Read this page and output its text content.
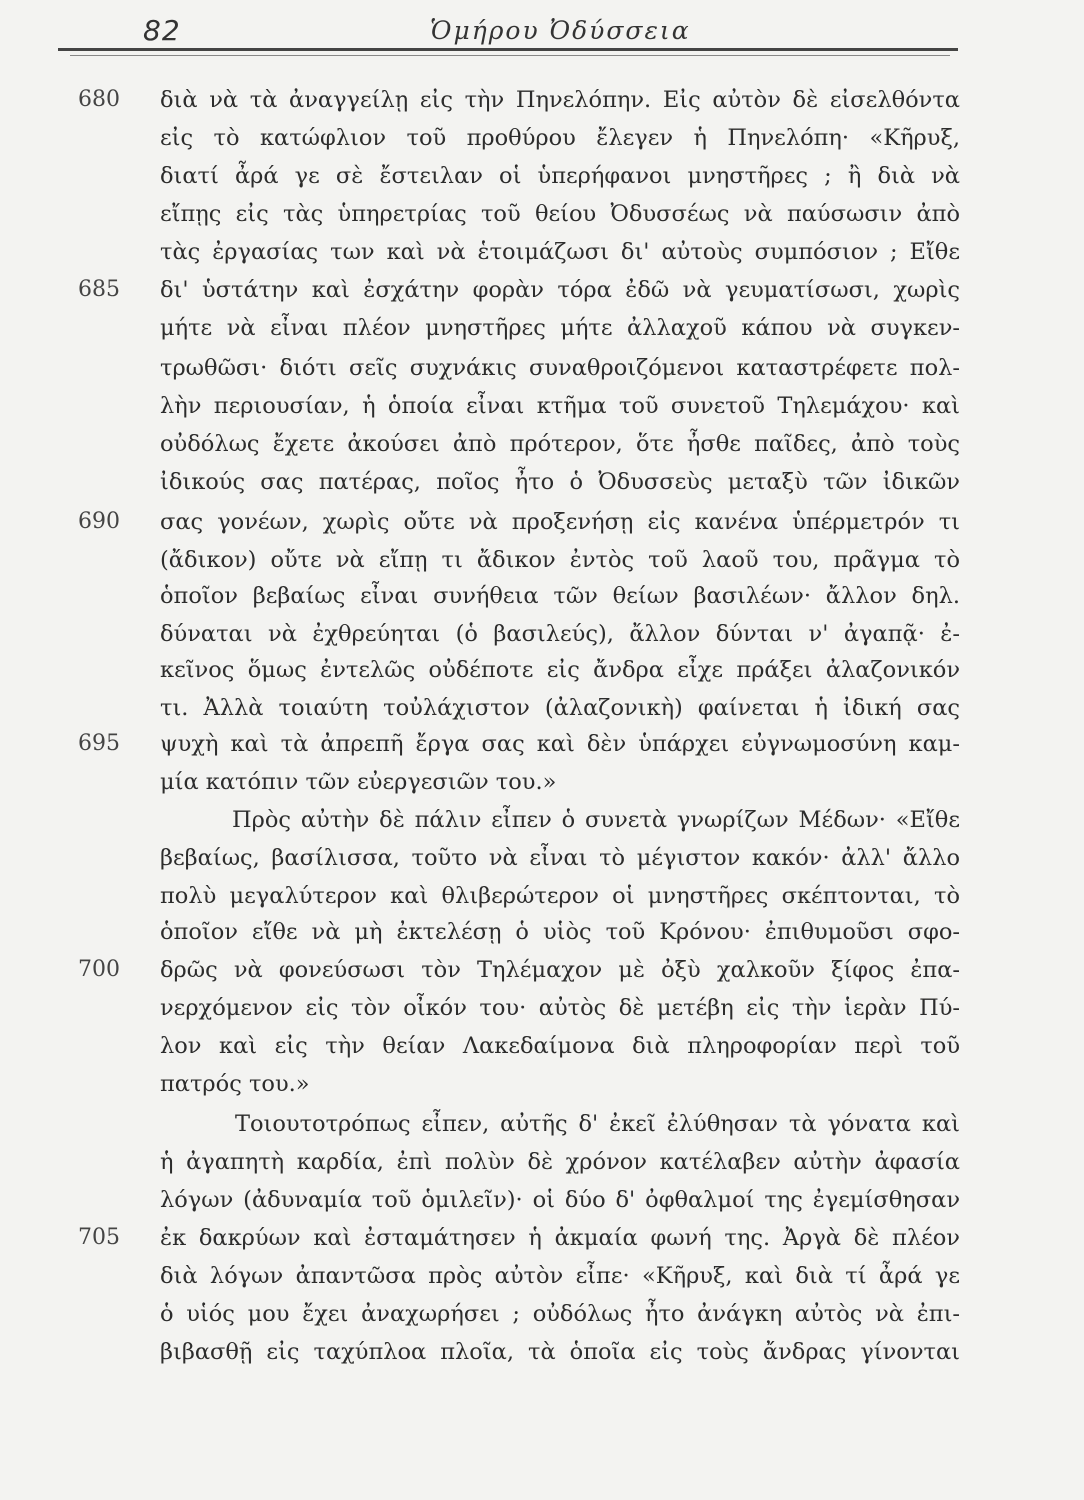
82	Ὁμήρου Ὀδύσσεια
680
685
690
695
700
705
διὰ νὰ τὰ ἀναγγείλῃ εἰς τὴν Πηνελόπην. Εἰς αὐτὸν δὲ εἰσελθόντα
εἰς τὸ κατώφλιον τοῦ προθύρου ἔλεγεν ἡ Πηνελόπη· «Κῆρυξ,
διατί ἆρά γε σὲ ἔστειλαν οἱ ὑπερήφανοι μνηστῆρες ; ἢ διὰ νὰ
εἴπῃς εἰς τὰς ὑπηρετρίας τοῦ θείου Ὀδυσσέως νὰ παύσωσιν ἀπὸ
τὰς ἐργασίας των καὶ νὰ ἑτοιμάζωσι δι' αὐτοὺς συμπόσιον ; Εἴθε
δι' ὑστάτην καὶ ἐσχάτην φορὰν τόρα ἐδῶ νὰ γευματίσωσι, χωρὶς
μήτε νὰ εἶναι πλέον μνηστῆρες μήτε ἀλλαχοῦ κάπου νὰ συγκεν-
τρωθῶσι· διότι σεῖς συχνάκις συναθροιζόμενοι καταστρέφετε πολ-
λὴν περιουσίαν, ἡ ὁποία εἶναι κτῆμα τοῦ συνετοῦ Τηλεμάχου· καὶ
οὐδόλως ἔχετε ἀκούσει ἀπὸ πρότερον, ὅτε ἦσθε παῖδες, ἀπὸ τοὺς
ἰδικούς σας πατέρας, ποῖος ἦτο ὁ Ὀδυσσεὺς μεταξὺ τῶν ἰδικῶν
σας γονέων, χωρὶς οὔτε νὰ προξενήσῃ εἰς κανένα ὑπέρμετρόν τι
(ἄδικον) οὔτε νὰ εἴπῃ τι ἄδικον ἐντὸς τοῦ λαοῦ του, πρᾶγμα τὸ
ὁποῖον βεβαίως εἶναι συνήθεια τῶν θείων βασιλέων· ἄλλον δηλ.
δύναται νὰ ἐχθρεύηται (ὁ βασιλεύς), ἄλλον δύνται ν' ἀγαπᾷ· ἐ-
κεῖνος ὅμως ἐντελῶς οὐδέποτε εἰς ἄνδρα εἶχε πράξει ἀλαζονικόν
τι. Ἀλλὰ τοιαύτη τοὐλάχιστον (ἀλαζονικὴ) φαίνεται ἡ ἰδική σας
ψυχὴ καὶ τὰ ἀπρεπῆ ἔργα σας καὶ δὲν ὑπάρχει εὐγνωμοσύνη καμ-
μία κατόπιν τῶν εὐεργεσιῶν του.»
Πρὸς αὐτὴν δὲ πάλιν εἶπεν ὁ συνετὰ γνωρίζων Μέδων· «Εἴθε
βεβαίως, βασίλισσα, τοῦτο νὰ εἶναι τὸ μέγιστον κακόν· ἀλλ' ἄλλο
πολὺ μεγαλύτερον καὶ θλιβερώτερον οἱ μνηστῆρες σκέπτονται, τὸ
ὁποῖον εἴθε νὰ μὴ ἐκτελέσῃ ὁ υἱὸς τοῦ Κρόνου· ἐπιθυμοῦσι σφο-
δρῶς νὰ φονεύσωσι τὸν Τηλέμαχον μὲ ὀξὺ χαλκοῦν ξίφος ἐπα-
νερχόμενον εἰς τὸν οἶκόν του· αὐτὸς δὲ μετέβη εἰς τὴν ἱερὰν Πύ-
λον καὶ εἰς τὴν θείαν Λακεδαίμονα διὰ πληροφορίαν περὶ τοῦ
πατρός του.»
Τοιουτοτρόπως εἶπεν, αὐτῆς δ' ἐκεῖ ἐλύθησαν τὰ γόνατα καὶ
ἡ ἀγαπητὴ καρδία, ἐπὶ πολὺν δὲ χρόνον κατέλαβεν αὐτὴν ἀφασία
λόγων (ἀδυναμία τοῦ ὁμιλεῖν)· οἱ δύο δ' ὀφθαλμοί της ἐγεμίσθησαν
ἐκ δακρύων καὶ ἐσταμάτησεν ἡ ἀκμαία φωνή της. Ἀργὰ δὲ πλέον
διὰ λόγων ἀπαντῶσα πρὸς αὐτὸν εἶπε· «Κῆρυξ, καὶ διὰ τί ἆρά γε
ὁ υἱός μου ἔχει ἀναχωρήσει ; οὐδόλως ἦτο ἀνάγκη αὐτὸς νὰ ἐπι-
βιβασθῇ εἰς ταχύπλοα πλοῖα, τὰ ὁποῖα εἰς τοὺς ἄνδρας γίνονται
